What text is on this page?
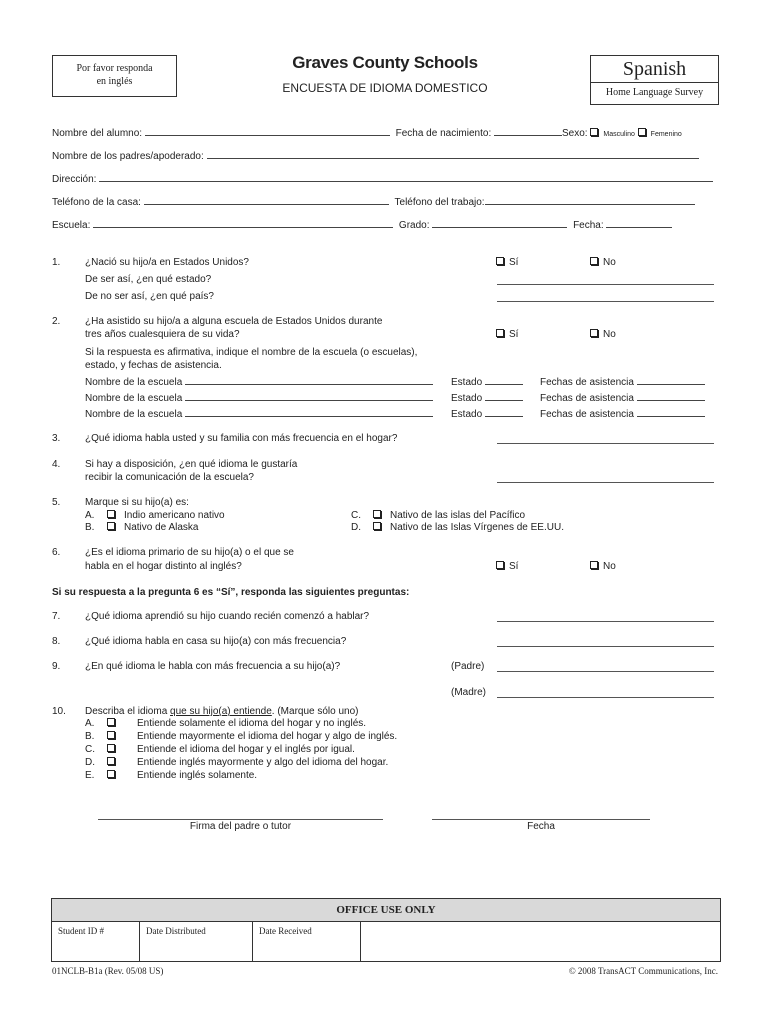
Por favor responda
en inglés
Graves County Schools
ENCUESTA DE IDIOMA DOMESTICO
Spanish
Home Language Survey
Nombre del alumno:	Fecha de nacimiento:	Sexo: Masculino Femenino
Nombre de los padres/apoderado:
Dirección:
Teléfono de la casa:	Teléfono del trabajo:
Escuela:	Grado:	Fecha:
1. ¿Nació su hijo/a en Estados Unidos?	Sí	No
De ser así, ¿en qué estado?
De no ser así, ¿en qué país?
2. ¿Ha asistido su hijo/a a alguna escuela de Estados Unidos durante
tres años cualesquiera de su vida?	Sí	No
Si la respuesta es afirmativa, indique el nombre de la escuela (o escuelas),
estado, y fechas de asistencia.
Nombre de la escuela	Estado	Fechas de asistencia
Nombre de la escuela	Estado	Fechas de asistencia
Nombre de la escuela	Estado	Fechas de asistencia
3. ¿Qué idioma habla usted y su familia con más frecuencia en el hogar?
4. Si hay a disposición, ¿en qué idioma le gustaría
recibir la comunicación de la escuela?
5. Marque si su hijo(a) es:
A.	Indio americano nativo
B.	Nativo de Alaska
C.	Nativo de las islas del Pacífico
D.	Nativo de las Islas Vírgenes de EE.UU.
6. ¿Es el idioma primario de su hijo(a) o el que se
habla en el hogar distinto al inglés?	Sí	No
Si su respuesta a la pregunta 6 es “Sí”, responda las siguientes preguntas:
7. ¿Qué idioma aprendió su hijo cuando recién comenzó a hablar?
8. ¿Qué idioma habla en casa su hijo(a) con más frecuencia?
9. ¿En qué idioma le habla con más frecuencia a su hijo(a)?	(Padre)
(Madre)
10. Describa el idioma que su hijo(a) entiende. (Marque sólo uno)
A.	Entiende solamente el idioma del hogar y no inglés.
B.	Entiende mayormente el idioma del hogar y algo de inglés.
C.	Entiende el idioma del hogar y el inglés por igual.
D.	Entiende inglés mayormente y algo del idioma del hogar.
E.	Entiende inglés solamente.
Firma del padre o tutor	Fecha
OFFICE USE ONLY
Student ID #	Date Distributed	Date Received
01NCLB-B1a (Rev. 05/08 US)	© 2008 TransACT Communications, Inc.
